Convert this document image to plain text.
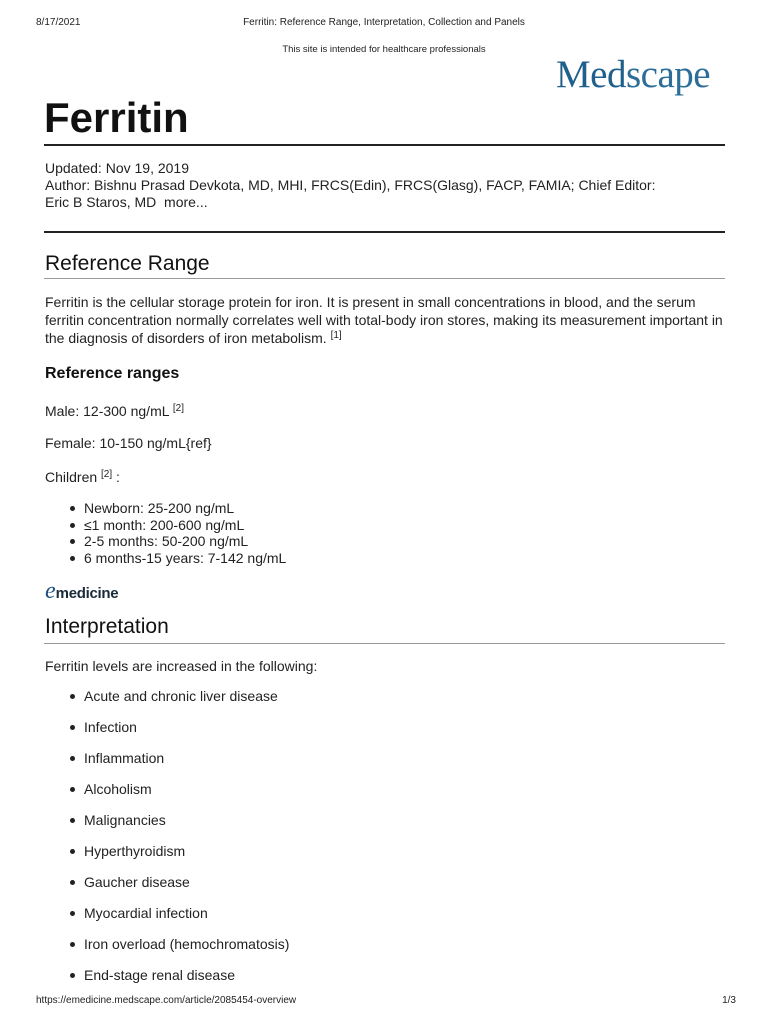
8/17/2021	Ferritin: Reference Range, Interpretation, Collection and Panels
This site is intended for healthcare professionals
Medscape
Ferritin
Updated: Nov 19, 2019
Author: Bishnu Prasad Devkota, MD, MHI, FRCS(Edin), FRCS(Glasg), FACP, FAMIA; Chief Editor:
Eric B Staros, MD more...
Reference Range
Ferritin is the cellular storage protein for iron. It is present in small concentrations in blood, and the serum ferritin concentration normally correlates well with total-body iron stores, making its measurement important in the diagnosis of disorders of iron metabolism. [1]
Reference ranges
Male: 12-300 ng/mL [2]
Female: 10-150 ng/mL{ref}
Children [2] :
Newborn: 25-200 ng/mL
≤1 month: 200-600 ng/mL
2-5 months: 50-200 ng/mL
6 months-15 years: 7-142 ng/mL
emedicine
Interpretation
Ferritin levels are increased in the following:
Acute and chronic liver disease
Infection
Inflammation
Alcoholism
Malignancies
Hyperthyroidism
Gaucher disease
Myocardial infection
Iron overload (hemochromatosis)
End-stage renal disease
https://emedicine.medscape.com/article/2085454-overview	1/3
